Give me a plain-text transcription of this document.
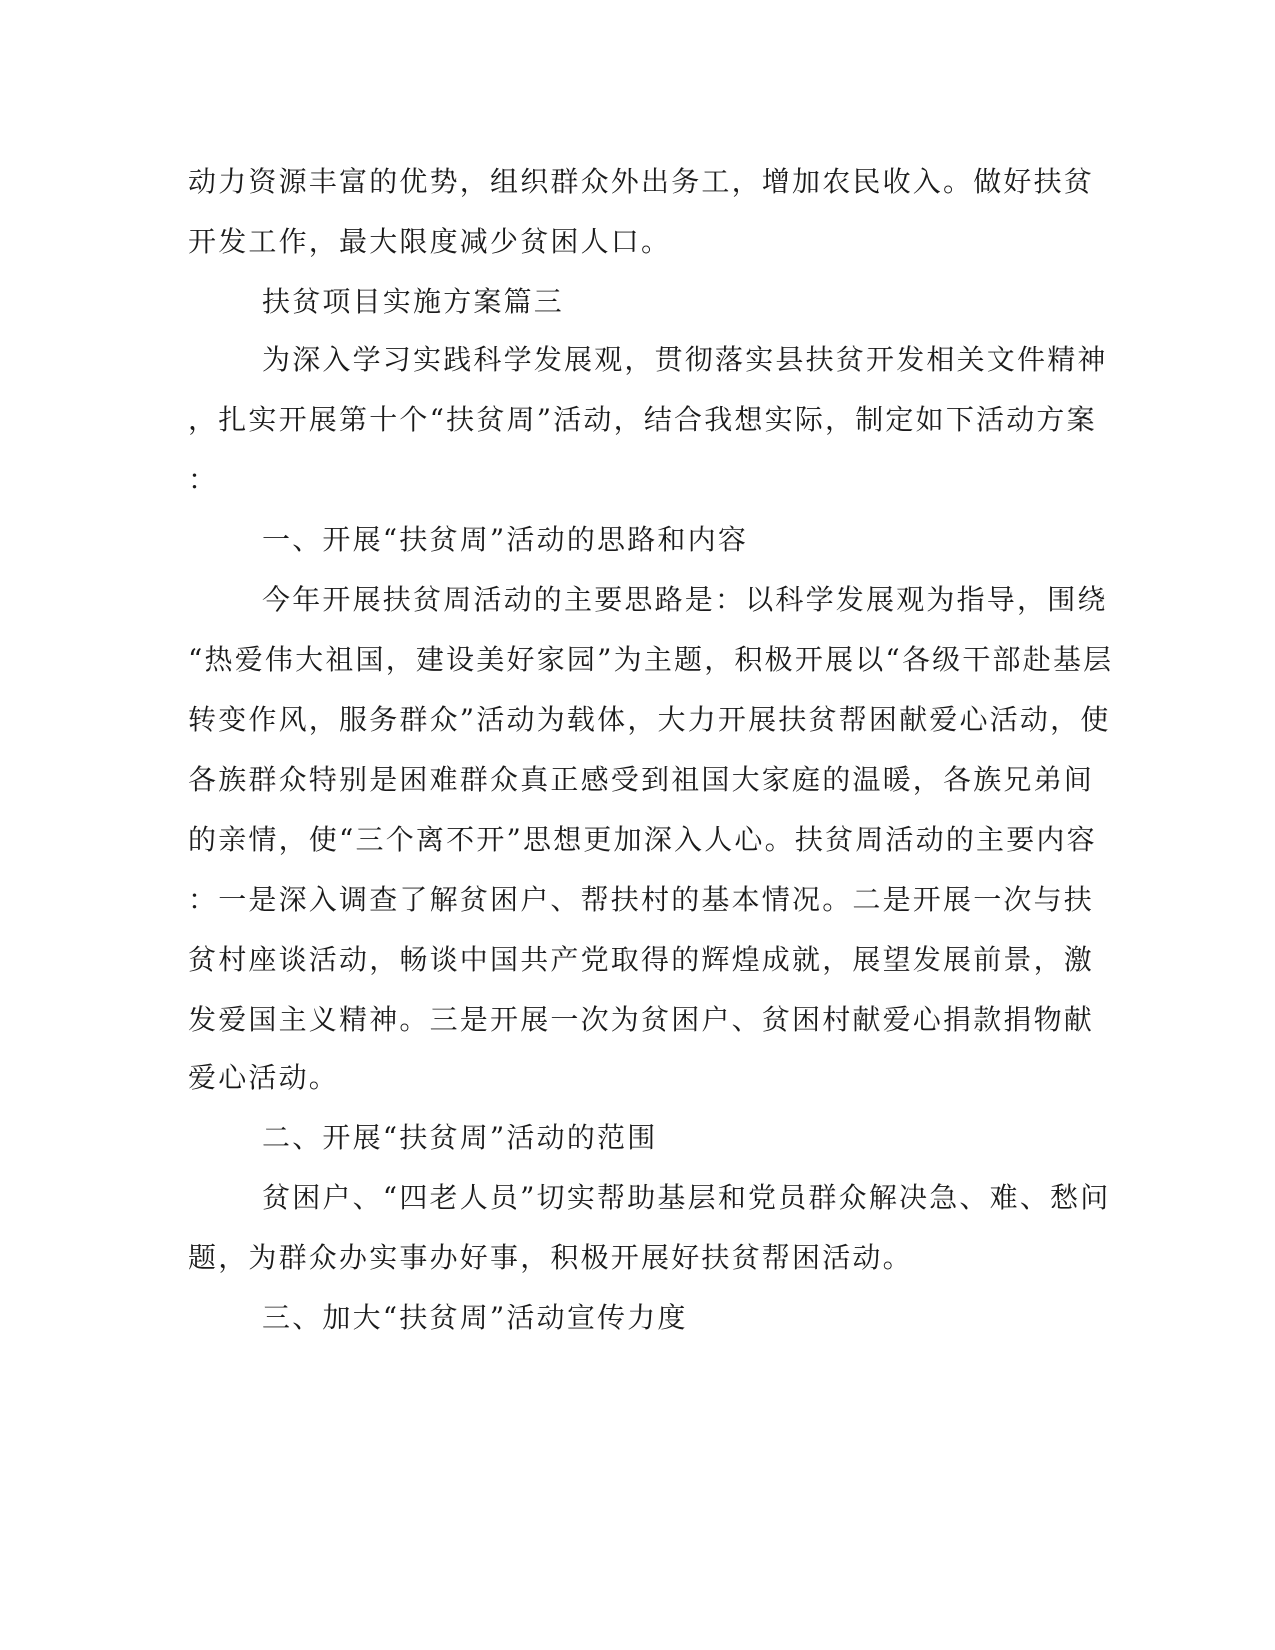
动力资源丰富的优势，组织群众外出务工，增加农民收入。做好扶贫
开发工作，最大限度减少贫困人口。
扶贫项目实施方案篇三
为深入学习实践科学发展观，贯彻落实县扶贫开发相关文件精神
，扎实开展第十个“扶贫周”活动，结合我想实际，制定如下活动方案
：
一、开展“扶贫周”活动的思路和内容
今年开展扶贫周活动的主要思路是：以科学发展观为指导，围绕
“热爱伟大祖国，建设美好家园”为主题，积极开展以“各级干部赴基层
转变作风，服务群众”活动为载体，大力开展扶贫帮困献爱心活动，使
各族群众特别是困难群众真正感受到祖国大家庭的温暖，各族兄弟间
的亲情，使“三个离不开”思想更加深入人心。扶贫周活动的主要内容
：一是深入调查了解贫困户、帮扶村的基本情况。二是开展一次与扶
贫村座谈活动，畅谈中国共产党取得的辉煌成就，展望发展前景，激
发爱国主义精神。三是开展一次为贫困户、贫困村献爱心捐款捐物献
爱心活动。
二、开展“扶贫周”活动的范围
贫困户、“四老人员”切实帮助基层和党员群众解决急、难、愁问
题，为群众办实事办好事，积极开展好扶贫帮困活动。
三、加大“扶贫周”活动宣传力度
